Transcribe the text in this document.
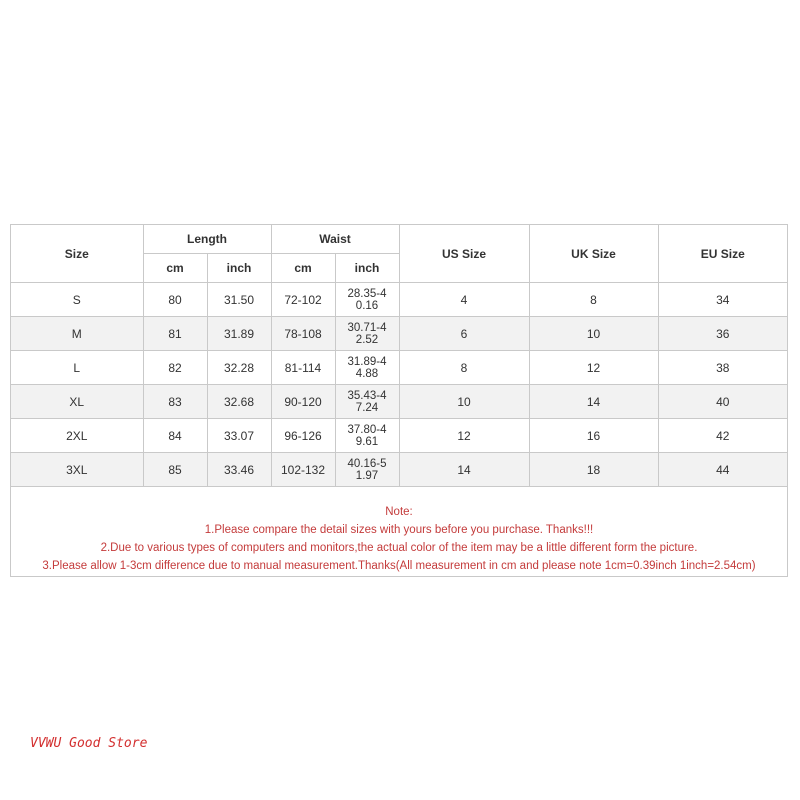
Size	Length		Waist		US Size	UK Size	EU Size
	cm	inch	cm	inch			
S	80	31.50	72-102	28.35-40.16	4	8	34
M	81	31.89	78-108	30.71-42.52	6	10	36
L	82	32.28	81-114	31.89-44.88	8	12	38
XL	83	32.68	90-120	35.43-47.24	10	14	40
2XL	84	33.07	96-126	37.80-49.61	12	16	42
3XL	85	33.46	102-132	40.16-51.97	14	18	44
Note:
1.Please compare the detail sizes with yours before you purchase. Thanks!!!
2.Due to various types of computers and monitors,the actual color of the item may be a little different form the picture.
3.Please allow 1-3cm difference due to manual measurement.Thanks(All measurement in cm and please note 1cm=0.39inch 1inch=2.54cm)
VVWU Good Store
